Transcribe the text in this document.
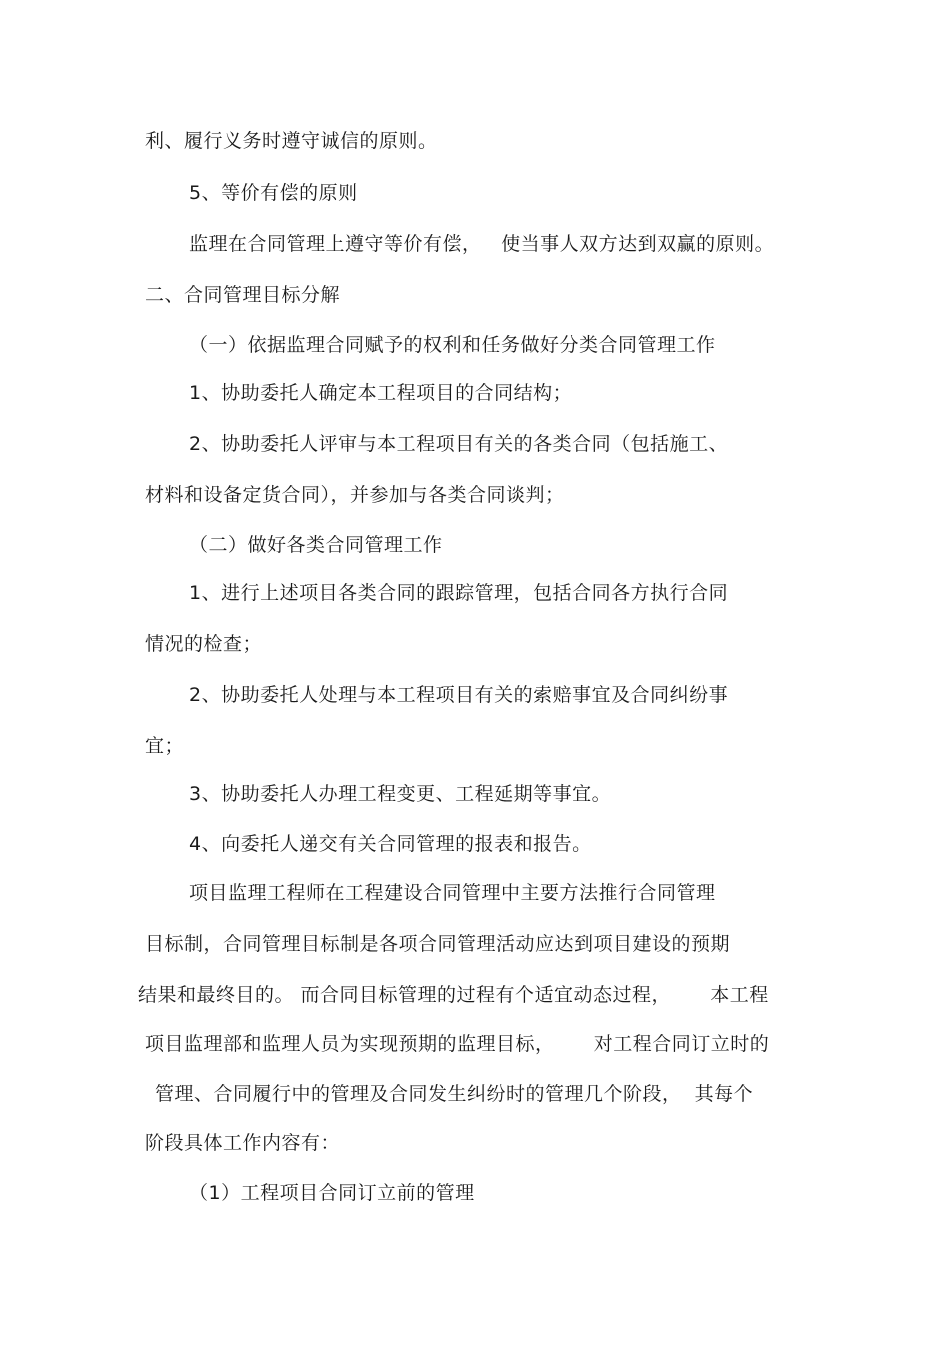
利、履行义务时遵守诚信的原则。
5、等价有偿的原则
监理在合同管理上遵守等价有偿，   使当事人双方达到双赢的原则。
二、合同管理目标分解
（一）依据监理合同赋予的权利和任务做好分类合同管理工作
1、协助委托人确定本工程项目的合同结构；
2、协助委托人评审与本工程项目有关的各类合同（包括施工、
材料和设备定货合同），并参加与各类合同谈判；
（二）做好各类合同管理工作
1、进行上述项目各类合同的跟踪管理，包括合同各方执行合同
情况的检查；
2、协助委托人处理与本工程项目有关的索赔事宜及合同纠纷事
宜；
3、协助委托人办理工程变更、工程延期等事宜。
4、向委托人递交有关合同管理的报表和报告。
项目监理工程师在工程建设合同管理中主要方法推行合同管理
目标制，合同管理目标制是各项合同管理活动应达到项目建设的预期
结果和最终目的。 而合同目标管理的过程有个适宜动态过程，      本工程
项目监理部和监理人员为实现预期的监理目标，      对工程合同订立时的
管理、合同履行中的管理及合同发生纠纷时的管理几个阶段，  其每个
阶段具体工作内容有：
（1）工程项目合同订立前的管理
